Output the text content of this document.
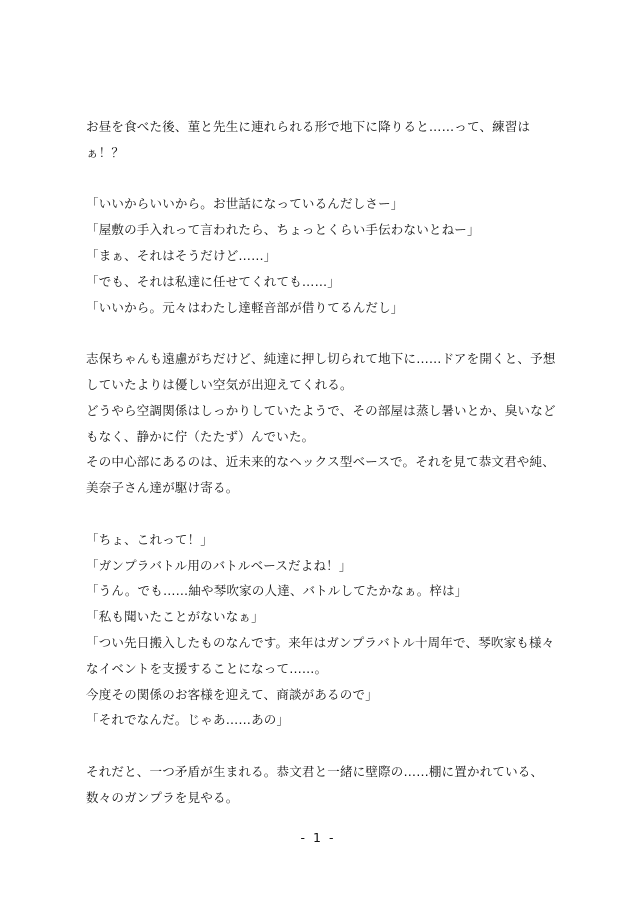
お昼を食べた後、菫と先生に連れられる形で地下に降りると……って、練習はぁ！？

「いいからいいから。お世話になっているんだしさー」

「屋敷の手入れって言われたら、ちょっとくらい手伝わないとねー」

「まぁ、それはそうだけど……」

「でも、それは私達に任せてくれても……」

「いいから。元々はわたし達軽音部が借りてるんだし」

志保ちゃんも遠慮がちだけど、純達に押し切られて地下に……ドアを開くと、予想していたよりは優しい空気が出迎えてくれる。

どうやら空調関係はしっかりしていたようで、その部屋は蒸し暑いとか、臭いなどもなく、静かに佇（たたず）んでいた。

その中心部にあるのは、近未来的なヘックス型ベースで。それを見て恭文君や純、美奈子さん達が駆け寄る。

「ちょ、これって！」

「ガンプラバトル用のバトルベースだよね！」

「うん。でも……紬や琴吹家の人達、バトルしてたかなぁ。梓は」

「私も聞いたことがないなぁ」

「つい先日搬入したものなんです。来年はガンプラバトル十周年で、琴吹家も様々なイベントを支援することになって……。

今度その関係のお客様を迎えて、商談があるので」

「それでなんだ。じゃあ……あの」

それだと、一つ矛盾が生まれる。恭文君と一緒に壁際の……棚に置かれている、数々のガンプラを見やる。

- 1 -
